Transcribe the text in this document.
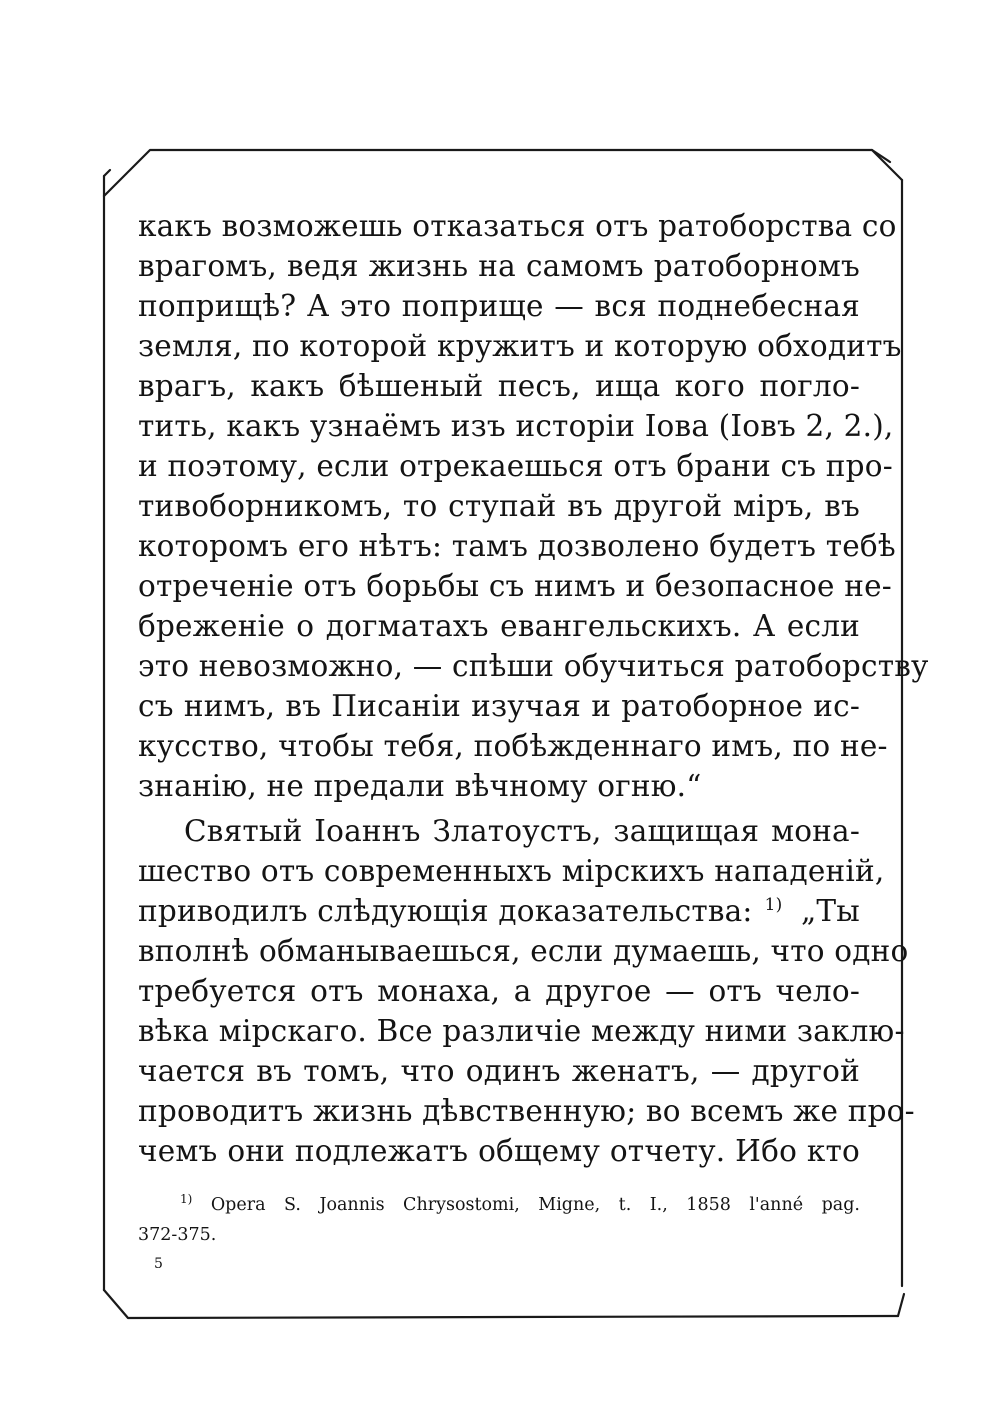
какъ возможешь отказаться отъ ратоборства со
врагомъ, ведя жизнь на самомъ ратоборномъ
поприщѣ? А это поприще — вся поднебесная
земля, по которой кружитъ и которую обходитъ
врагъ, какъ бѣшеный песъ, ища кого погло-
тить, какъ узнаёмъ изъ исторіи Іова (Іовъ 2, 2.),
и поэтому, если отрекаешься отъ брани съ про-
тивоборникомъ, то ступай въ другой міръ, въ
которомъ его нѣтъ: тамъ дозволено будетъ тебѣ
отреченіе отъ борьбы съ нимъ и безопасное не-
бреженіе о догматахъ евангельскихъ. А если
это невозможно, — спѣши обучиться ратоборству
съ нимъ, въ Писаніи изучая и ратоборное ис-
кусство, чтобы тебя, побѣжденнаго имъ, по не-
знанію, не предали вѣчному огню.“
Святый Іоаннъ Златоустъ, защищая мона-
шество отъ современныхъ мірскихъ нападеній,
приводилъ слѣдующія доказательства: $^{1)}$ „Ты
вполнѣ обманываешься, если думаешь, что одно
требуется отъ монаха, а другое — отъ чело-
вѣка мірскаго. Все различіе между ними заклю-
чается въ томъ, что одинъ женатъ, — другой
проводитъ жизнь дѣвственную; во всемъ же про-
чемъ они подлежатъ общему отчету. Ибо кто
$^{1)}$ Opera S. Joannis Chrysostomi, Migne, t. I., 1858 l'anné pag.
372-375.
5
